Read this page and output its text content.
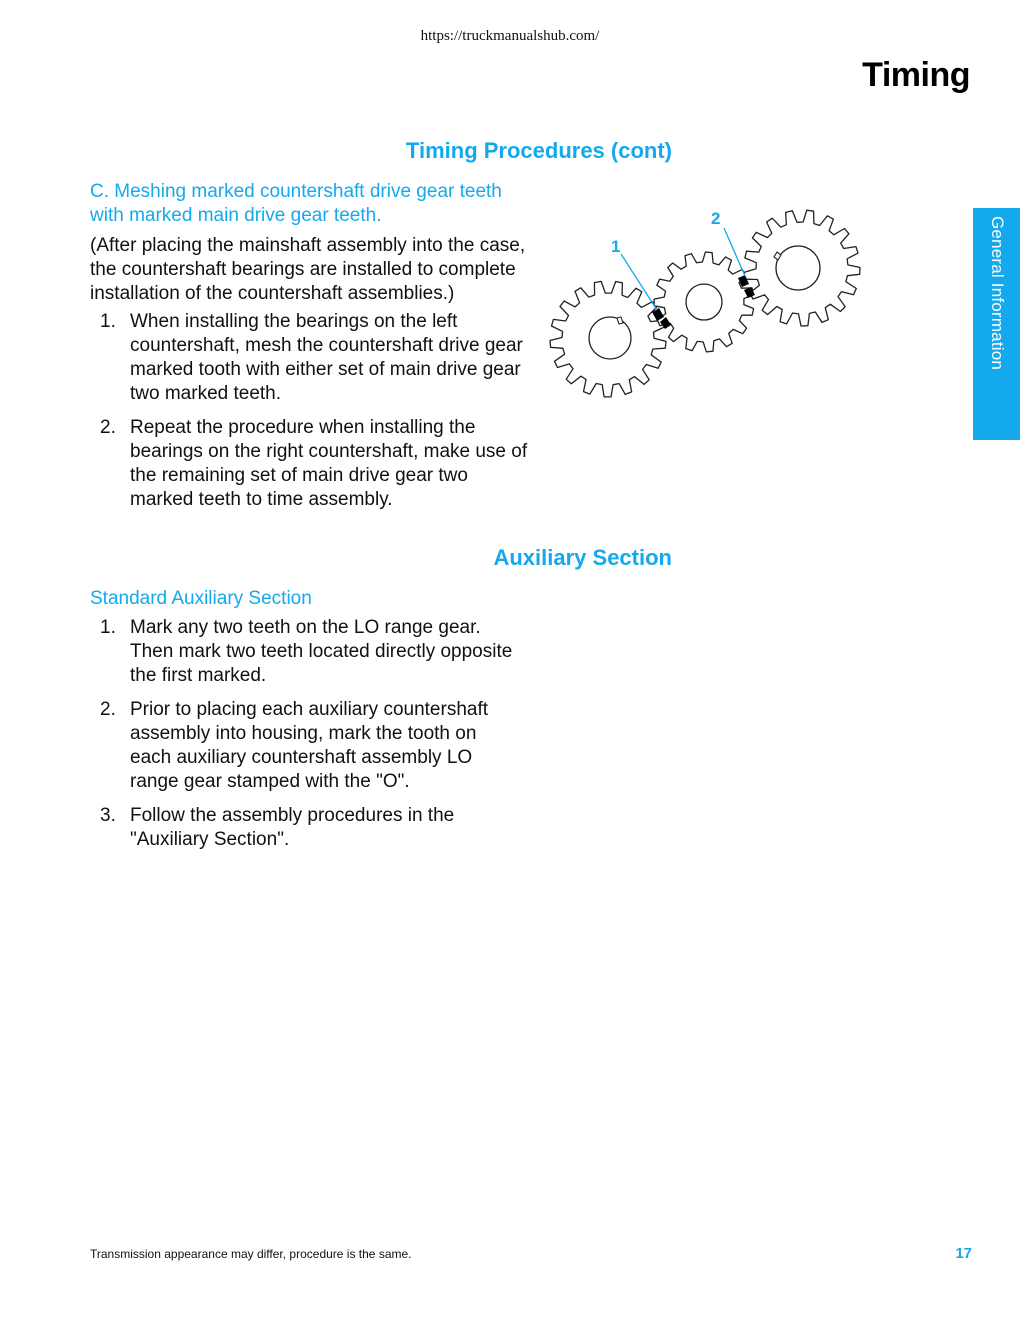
https://truckmanualshub.com/
Timing
General Information
Timing Procedures (cont)

C. Meshing marked countershaft drive gear teeth with marked main drive gear teeth.

(After placing the mainshaft assembly into the case, the countershaft bearings are installed to complete installation of the countershaft assemblies.)

1. When installing the bearings on the left countershaft, mesh the countershaft drive gear marked tooth with either set of main drive gear two marked teeth.
2. Repeat the procedure when installing the bearings on the right countershaft, make use of the remaining set of main drive gear two marked teeth to time assembly.
1
2
Auxiliary Section

Standard Auxiliary Section

1. Mark any two teeth on the LO range gear. Then mark two teeth located directly opposite the first marked.
2. Prior to placing each auxiliary countershaft assembly into housing, mark the tooth on each auxiliary countershaft assembly LO range gear stamped with the "O".
3. Follow the assembly procedures in the "Auxiliary Section".
Transmission appearance may differ, procedure is the same.	17
